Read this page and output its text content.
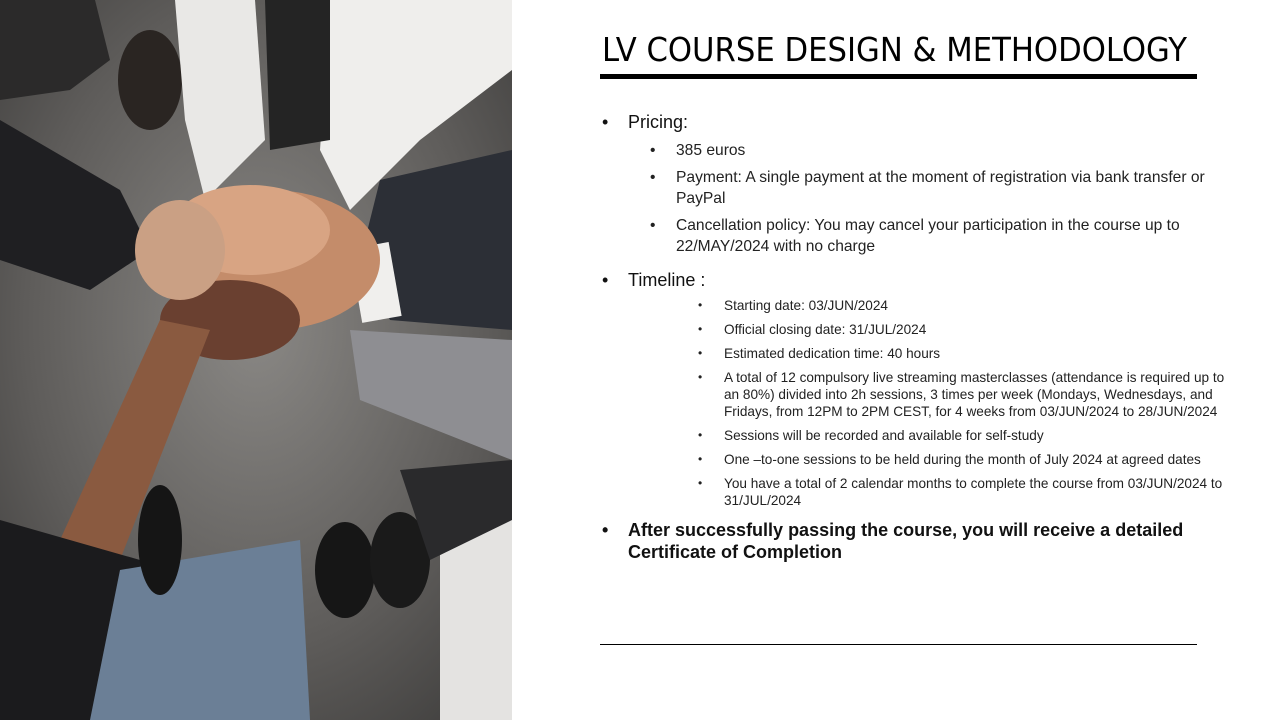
LV COURSE DESIGN & METHODOLOGY
• Pricing:
• 385 euros
• Payment: A single payment at the moment of registration via bank transfer or PayPal
• Cancellation policy: You may cancel your participation in the course up to 22/MAY/2024 with no charge
• Timeline :
• Starting date: 03/JUN/2024
• Official closing date: 31/JUL/2024
• Estimated dedication time: 40 hours
• A total of 12 compulsory live streaming masterclasses (attendance is required up to an 80%) divided into 2h sessions, 3 times per week (Mondays, Wednesdays, and Fridays, from 12PM to 2PM CEST, for 4 weeks from 03/JUN/2024 to 28/JUN/2024
• Sessions will be recorded and available for self-study
• One –to-one sessions to be held during the month of July 2024 at agreed dates
• You have a total of 2 calendar months to complete the course from 03/JUN/2024 to 31/JUL/2024
• After successfully passing the course, you will receive a detailed Certificate of Completion
